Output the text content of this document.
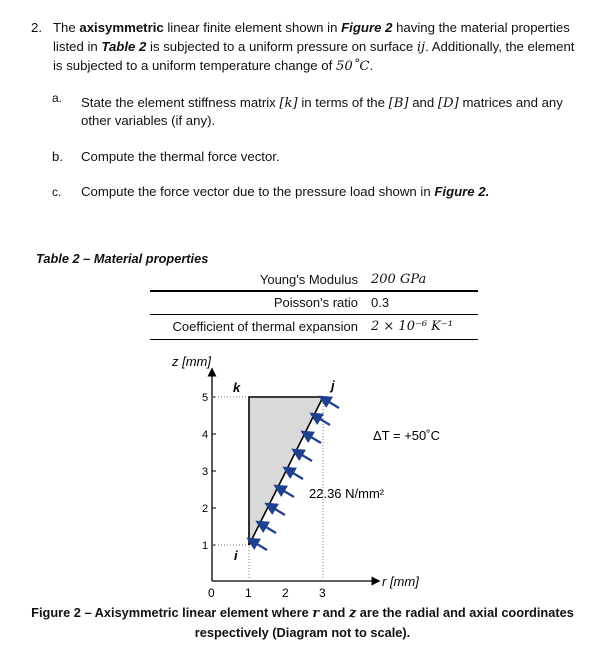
2. The axisymmetric linear finite element shown in Figure 2 having the material properties
listed in Table 2 is subjected to a uniform pressure on surface ij. Additionally, the element
is subjected to a uniform temperature change of 50˚C.
a. State the element stiffness matrix [k] in terms of the [B] and [D] matrices and any
other variables (if any).
b. Compute the thermal force vector.
c. Compute the force vector due to the pressure load shown in Figure 2.
Table 2 – Material properties
Young's Modulus 200 GPa
Poisson's ratio 0.3
Coefficient of thermal expansion 2 × 10⁻⁶ K⁻¹
z [mm]
r [mm]
5
4
3
2
1
0	1	2	3
k	j
i
ΔT = +50˚C
22.36 N/mm²
Figure 2 – Axisymmetric linear element where r and z are the radial and axial coordinates
respectively (Diagram not to scale).
